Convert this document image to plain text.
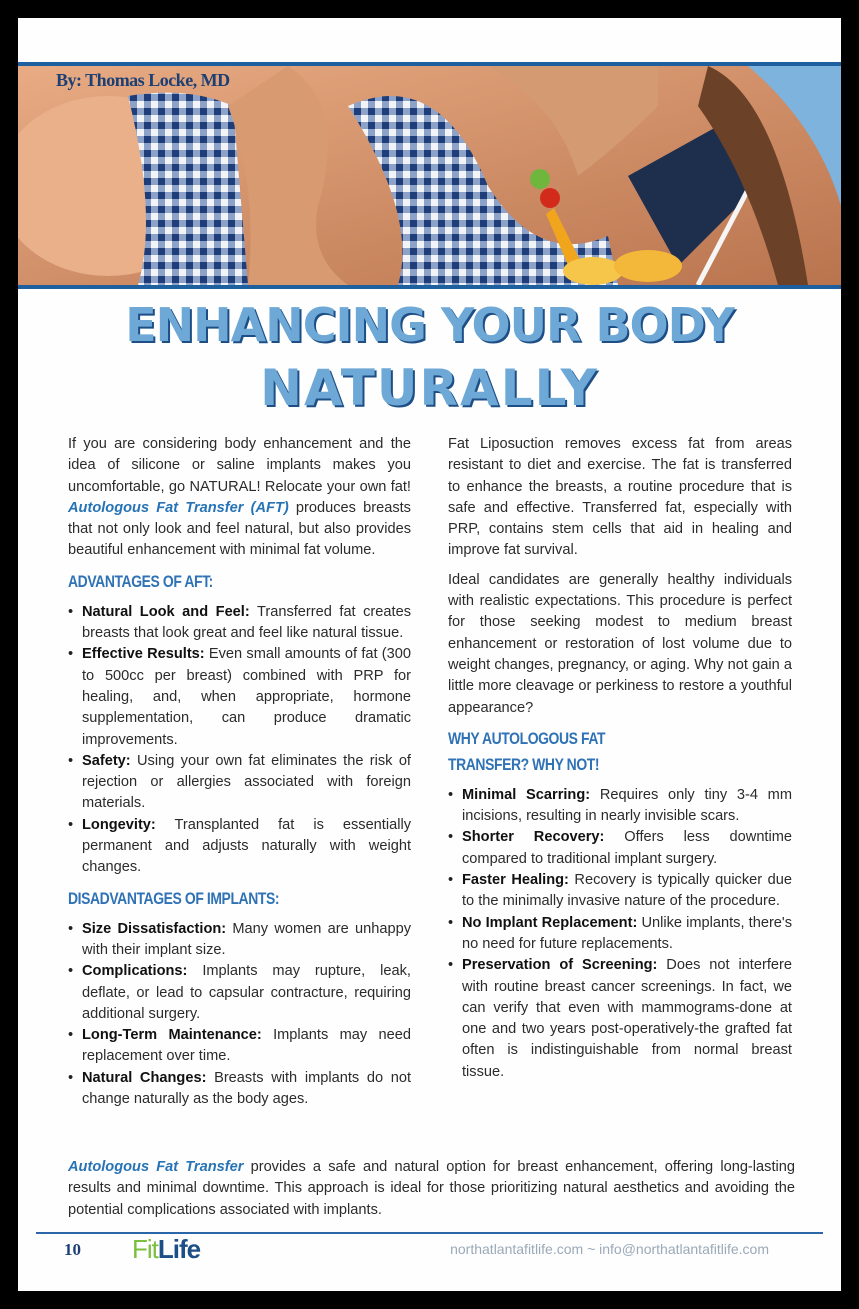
By: Thomas Locke, MD
ENHANCING YOUR BODY
NATURALLY

If you are considering body enhancement and the idea of silicone or saline implants makes you uncomfortable, go NATURAL! Relocate your own fat! Autologous Fat Transfer (AFT) produces breasts that not only look and feel natural, but also provides beautiful enhancement with minimal fat volume.

ADVANTAGES OF AFT:
• Natural Look and Feel: Transferred fat creates breasts that look great and feel like natural tissue.
• Effective Results: Even small amounts of fat (300 to 500cc per breast) combined with PRP for healing, and, when appropriate, hormone supplementation, can produce dramatic improvements.
• Safety: Using your own fat eliminates the risk of rejection or allergies associated with foreign materials.
• Longevity: Transplanted fat is essentially permanent and adjusts naturally with weight changes.
DISADVANTAGES OF IMPLANTS:
• Size Dissatisfaction: Many women are unhappy with their implant size.
• Complications: Implants may rupture, leak, deflate, or lead to capsular contracture, requiring additional surgery.
• Long-Term Maintenance: Implants may need replacement over time.
• Natural Changes: Breasts with implants do not change naturally as the body ages.

Fat Liposuction removes excess fat from areas resistant to diet and exercise. The fat is transferred to enhance the breasts, a routine procedure that is safe and effective. Transferred fat, especially with PRP, contains stem cells that aid in healing and improve fat survival.

Ideal candidates are generally healthy individuals with realistic expectations. This procedure is perfect for those seeking modest to medium breast enhancement or restoration of lost volume due to weight changes, pregnancy, or aging. Why not gain a little more cleavage or perkiness to restore a youthful appearance?

WHY AUTOLOGOUS FAT
TRANSFER? WHY NOT!
• Minimal Scarring: Requires only tiny 3-4 mm incisions, resulting in nearly invisible scars.
• Shorter Recovery: Offers less downtime compared to traditional implant surgery.
• Faster Healing: Recovery is typically quicker due to the minimally invasive nature of the procedure.
• No Implant Replacement: Unlike implants, there's no need for future replacements.
• Preservation of Screening: Does not interfere with routine breast cancer screenings. In fact, we can verify that even with mammograms-done at one and two years post-operatively-the grafted fat often is indistinguishable from normal breast tissue.
Autologous Fat Transfer provides a safe and natural option for breast enhancement, offering long-lasting results and minimal downtime. This approach is ideal for those prioritizing natural aesthetics and avoiding the potential complications associated with implants.
10 FitLife	northatlantafitlife.com ~ info@northatlantafitlife.com
